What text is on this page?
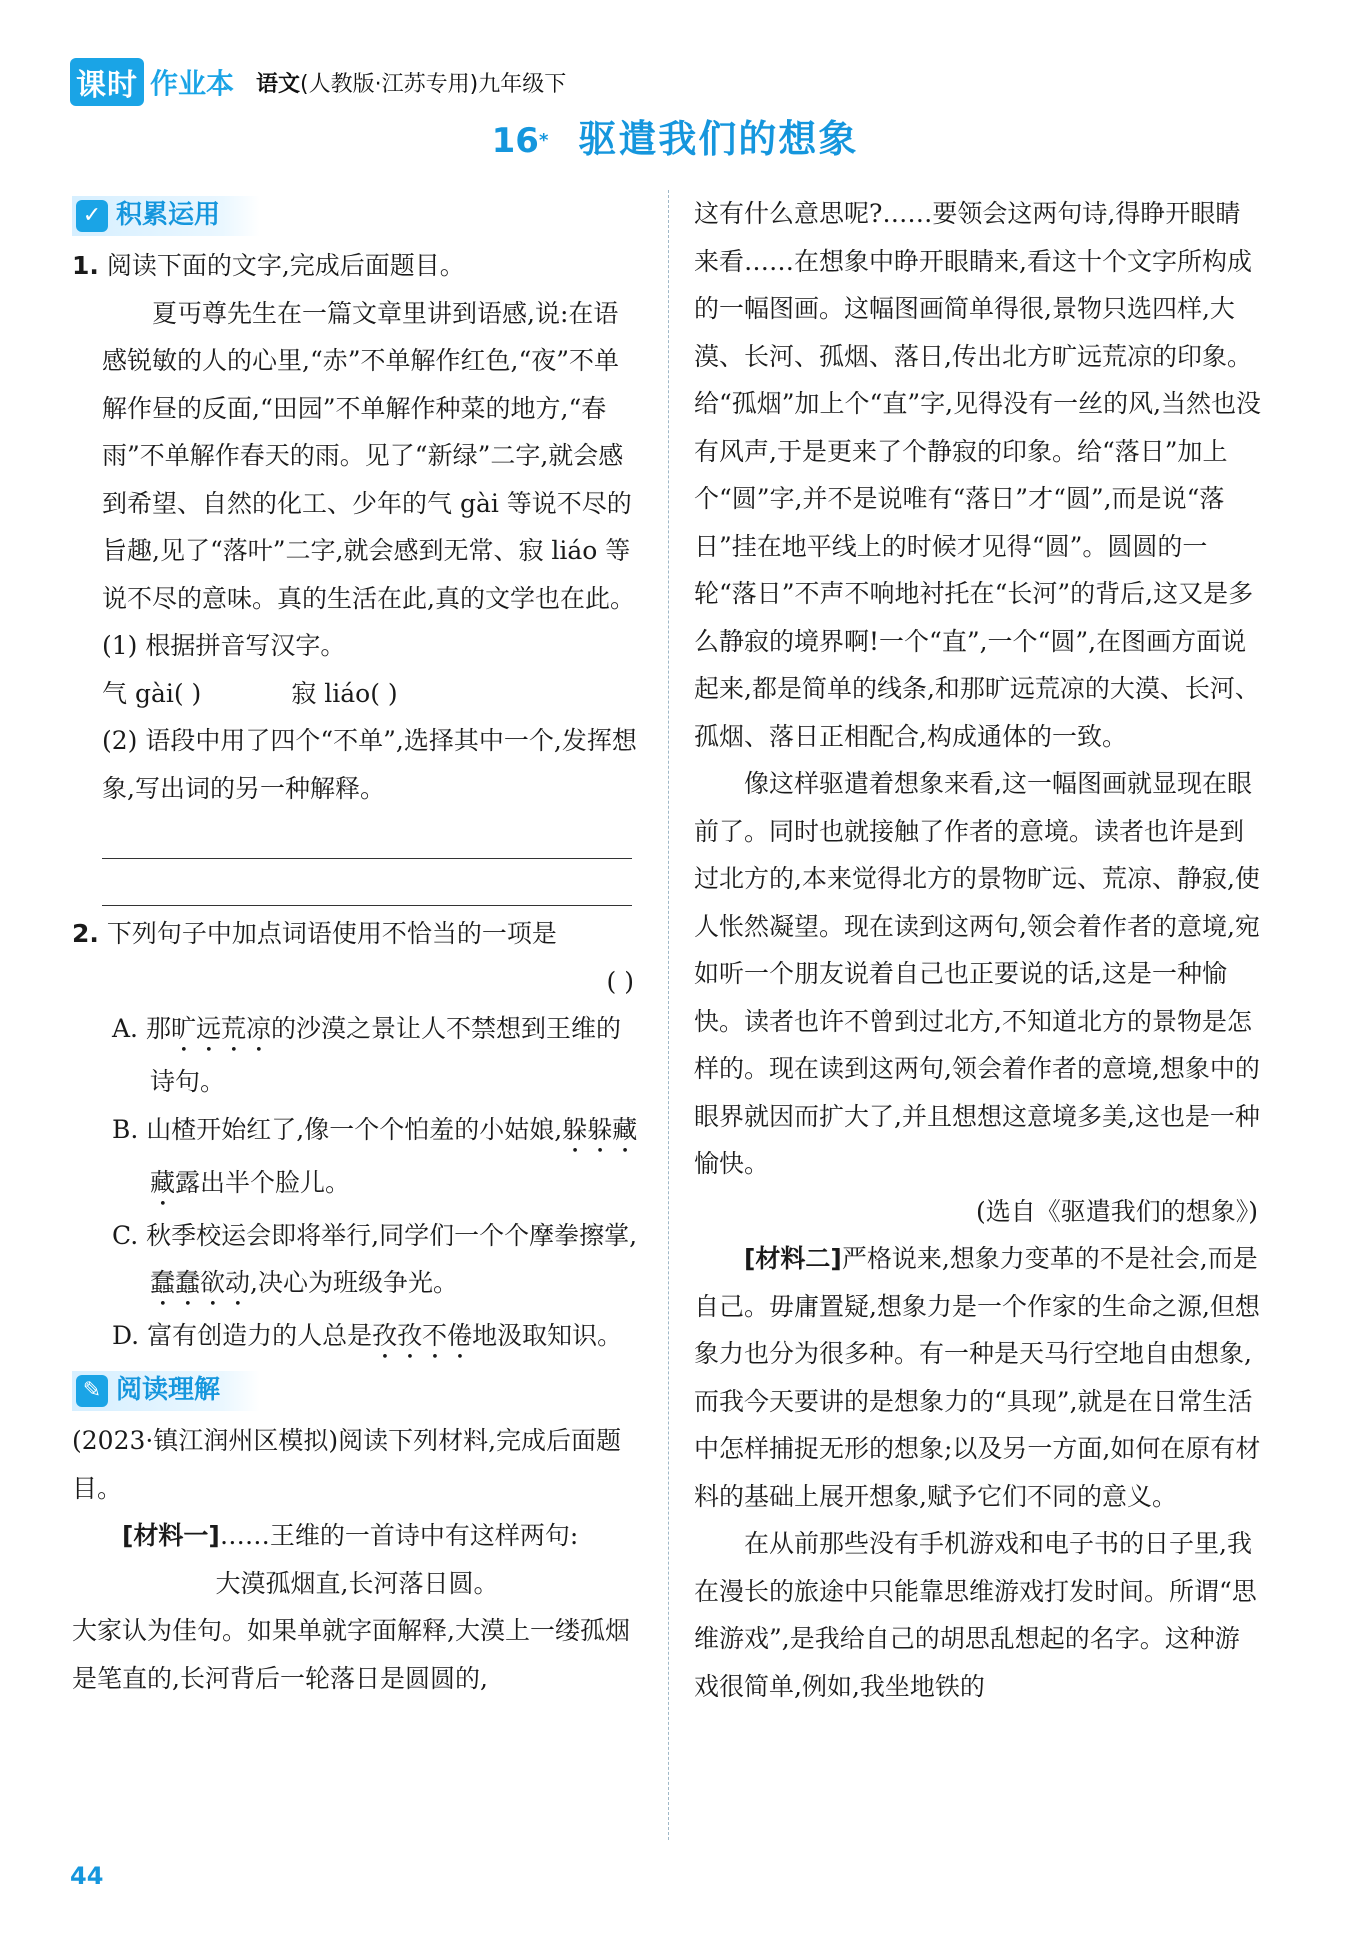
课时 作业本 语文(人教版·江苏专用)九年级下
16* 驱遣我们的想象
✓ 积累运用

1. 阅读下面的文字,完成后面题目。

夏丏尊先生在一篇文章里讲到语感,说:在语感锐敏的人的心里,“赤”不单解作红色,“夜”不单解作昼的反面,“田园”不单解作种菜的地方,“春雨”不单解作春天的雨。见了“新绿”二字,就会感到希望、自然的化工、少年的气 gài 等说不尽的旨趣,见了“落叶”二字,就会感到无常、寂 liáo 等说不尽的意味。真的生活在此,真的文学也在此。

(1) 根据拼音写汉字。

气 gài( )	寂 liáo( )

(2) 语段中用了四个“不单”,选择其中一个,发挥想象,写出词的另一种解释。

2. 下列句子中加点词语使用不恰当的一项是

( )

A. 那旷远荒凉的沙漠之景让人不禁想到王维的诗句。

B. 山楂开始红了,像一个个怕羞的小姑娘,躲躲藏藏露出半个脸儿。

C. 秋季校运会即将举行,同学们一个个摩拳擦掌,蠢蠢欲动,决心为班级争光。

D. 富有创造力的人总是孜孜不倦地汲取知识。

✎ 阅读理解

(2023·镇江润州区模拟)阅读下列材料,完成后面题目。

[材料一]……王维的一首诗中有这样两句:

大漠孤烟直,长河落日圆。

大家认为佳句。如果单就字面解释,大漠上一缕孤烟是笔直的,长河背后一轮落日是圆圆的,

这有什么意思呢?……要领会这两句诗,得睁开眼睛来看……在想象中睁开眼睛来,看这十个文字所构成的一幅图画。这幅图画简单得很,景物只选四样,大漠、长河、孤烟、落日,传出北方旷远荒凉的印象。给“孤烟”加上个“直”字,见得没有一丝的风,当然也没有风声,于是更来了个静寂的印象。给“落日”加上个“圆”字,并不是说唯有“落日”才“圆”,而是说“落日”挂在地平线上的时候才见得“圆”。圆圆的一轮“落日”不声不响地衬托在“长河”的背后,这又是多么静寂的境界啊!一个“直”,一个“圆”,在图画方面说起来,都是简单的线条,和那旷远荒凉的大漠、长河、孤烟、落日正相配合,构成通体的一致。

像这样驱遣着想象来看,这一幅图画就显现在眼前了。同时也就接触了作者的意境。读者也许是到过北方的,本来觉得北方的景物旷远、荒凉、静寂,使人怅然凝望。现在读到这两句,领会着作者的意境,宛如听一个朋友说着自己也正要说的话,这是一种愉快。读者也许不曾到过北方,不知道北方的景物是怎样的。现在读到这两句,领会着作者的意境,想象中的眼界就因而扩大了,并且想想这意境多美,这也是一种愉快。

(选自《驱遣我们的想象》)

[材料二]严格说来,想象力变革的不是社会,而是自己。毋庸置疑,想象力是一个作家的生命之源,但想象力也分为很多种。有一种是天马行空地自由想象,而我今天要讲的是想象力的“具现”,就是在日常生活中怎样捕捉无形的想象;以及另一方面,如何在原有材料的基础上展开想象,赋予它们不同的意义。

在从前那些没有手机游戏和电子书的日子里,我在漫长的旅途中只能靠思维游戏打发时间。所谓“思维游戏”,是我给自己的胡思乱想起的名字。这种游戏很简单,例如,我坐地铁的

44
